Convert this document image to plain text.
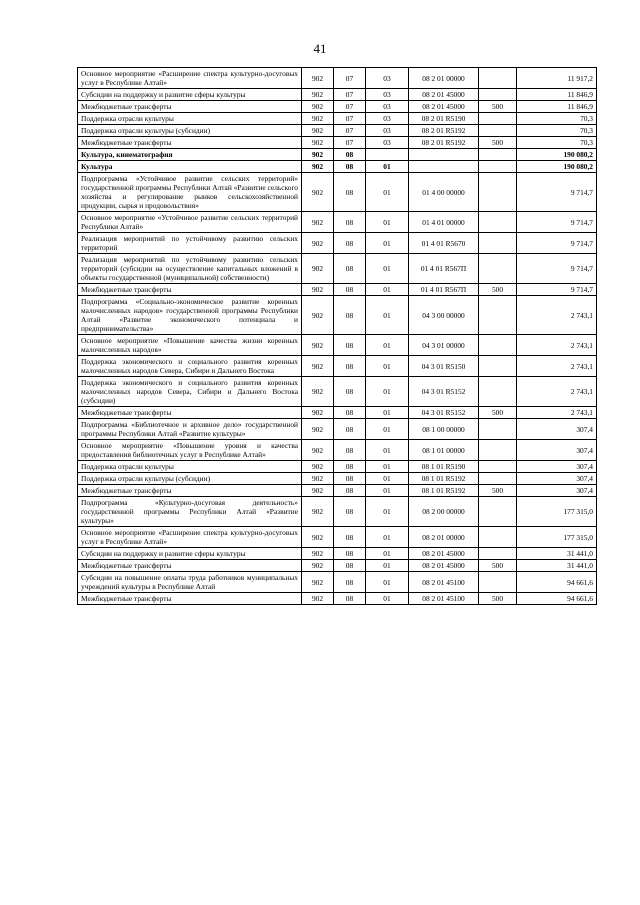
41
Основное мероприятие «Расширение спектра культурно-досуговых услуг в Республике Алтай»	902	07	03	08 2 01 00000		11 917,2
Субсидии на поддержку и развитие сферы культуры	902	07	03	08 2 01 45000		11 846,9
Межбюджетные трансферты	902	07	03	08 2 01 45000	500	11 846,9
Поддержка отрасли культуры	902	07	03	08 2 01 R5190		70,3
Поддержка отрасли культуры (субсидии)	902	07	03	08 2 01 R5192		70,3
Межбюджетные трансферты	902	07	03	08 2 01 R5192	500	70,3
Культура, кинематография	902	08				190 080,2
Культура	902	08	01			190 080,2
Подпрограмма «Устойчивое развитие сельских территорий» государственной программы Республики Алтай «Развитие сельского хозяйства и регулирование рынков сельскохозяйственной продукции, сырья и продовольствия»	902	08	01	01 4 00 00000		9 714,7
Основное мероприятие «Устойчивое развитие сельских территорий Республики Алтай»	902	08	01	01 4 01 00000		9 714,7
Реализация мероприятий по устойчивому развитию сельских территорий	902	08	01	01 4 01 R5670		9 714,7
Реализация мероприятий по устойчивому развитию сельских территорий (субсидии на осуществление капитальных вложений в объекты государственной (муниципальной) собственности)	902	08	01	01 4 01 R567П		9 714,7
Межбюджетные трансферты	902	08	01	01 4 01 R567П	500	9 714,7
Подпрограмма «Социально-экономическое развитие коренных малочисленных народов» государственной программы Республики Алтай «Развитие экономического потенциала и предпринимательства»	902	08	01	04 3 00 00000		2 743,1
Основное мероприятие «Повышение качества жизни коренных малочисленных народов»	902	08	01	04 3 01 00000		2 743,1
Поддержка экономического и социального развития коренных малочисленных народов Севера, Сибири и Дальнего Востока	902	08	01	04 3 01 R5150		2 743,1
Поддержка экономического и социального развития коренных малочисленных народов Севера, Сибири и Дальнего Востока (субсидии)	902	08	01	04 3 01 R5152		2 743,1
Межбюджетные трансферты	902	08	01	04 3 01 R5152	500	2 743,1
Подпрограмма «Библиотечное и архивное дело» государственной программы Республики Алтай «Развитие культуры»	902	08	01	08 1 00 00000		307,4
Основное мероприятие «Повышение уровня и качества предоставления библиотечных услуг в Республике Алтай»	902	08	01	08 1 01 00000		307,4
Поддержка отрасли культуры	902	08	01	08 1 01 R5190		307,4
Поддержка отрасли культуры (субсидии)	902	08	01	08 1 01 R5192		307,4
Межбюджетные трансферты	902	08	01	08 1 01 R5192	500	307,4
Подпрограмма «Культурно-досуговая деятельность» государственной программы Республики Алтай «Развитие культуры»	902	08	01	08 2 00 00000		177 315,0
Основное мероприятие «Расширение спектра культурно-досуговых услуг в Республике Алтай»	902	08	01	08 2 01 00000		177 315,0
Субсидии на поддержку и развитие сферы культуры	902	08	01	08 2 01 45000		31 441,0
Межбюджетные трансферты	902	08	01	08 2 01 45000	500	31 441,0
Субсидии на повышение оплаты труда работников муниципальных учреждений культуры в Республике Алтай	902	08	01	08 2 01 45100		94 661,6
Межбюджетные трансферты	902	08	01	08 2 01 45100	500	94 661,6
